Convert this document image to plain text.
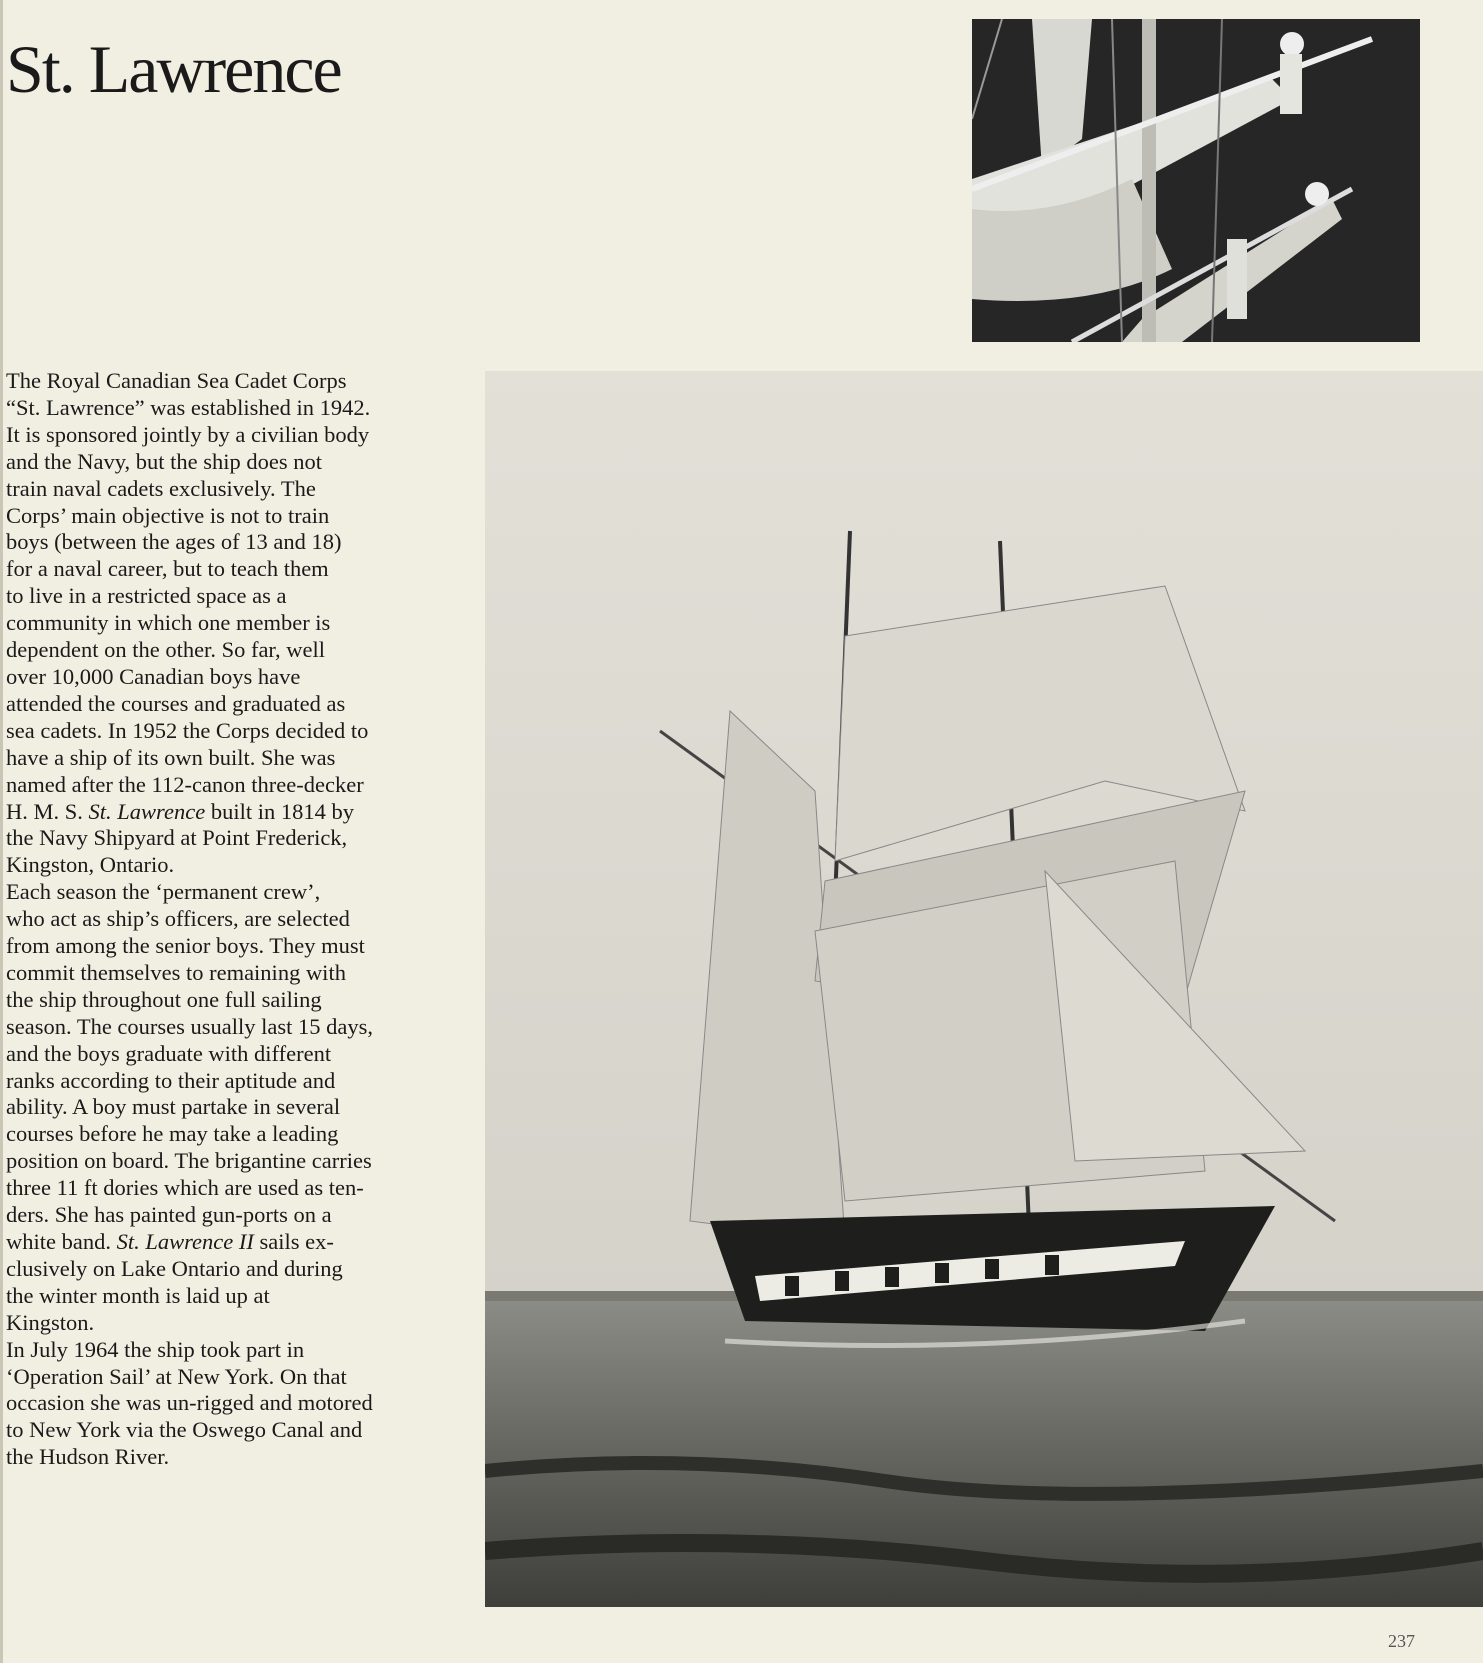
St. Lawrence

The Royal Canadian Sea Cadet Corps

“St. Lawrence” was established in 1942.

It is sponsored jointly by a civilian body

and the Navy, but the ship does not

train naval cadets exclusively. The

Corps’ main objective is not to train

boys (between the ages of 13 and 18)

for a naval career, but to teach them

to live in a restricted space as a

community in which one member is

dependent on the other. So far, well

over 10,000 Canadian boys have

attended the courses and graduated as

sea cadets. In 1952 the Corps decided to

have a ship of its own built. She was

named after the 112-canon three-decker

H. M. S. St. Lawrence built in 1814 by

the Navy Shipyard at Point Frederick,

Kingston, Ontario.

Each season the ‘permanent crew’,

who act as ship’s officers, are selected

from among the senior boys. They must

commit themselves to remaining with

the ship throughout one full sailing

season. The courses usually last 15 days,

and the boys graduate with different

ranks according to their aptitude and

ability. A boy must partake in several

courses before he may take a leading

position on board. The brigantine carries

three 11 ft dories which are used as ten-

ders. She has painted gun-ports on a

white band. St. Lawrence II sails ex-

clusively on Lake Ontario and during

the winter month is laid up at

Kingston.

In July 1964 the ship took part in

‘Operation Sail’ at New York. On that

occasion she was un-rigged and motored

to New York via the Oswego Canal and

the Hudson River.

237
